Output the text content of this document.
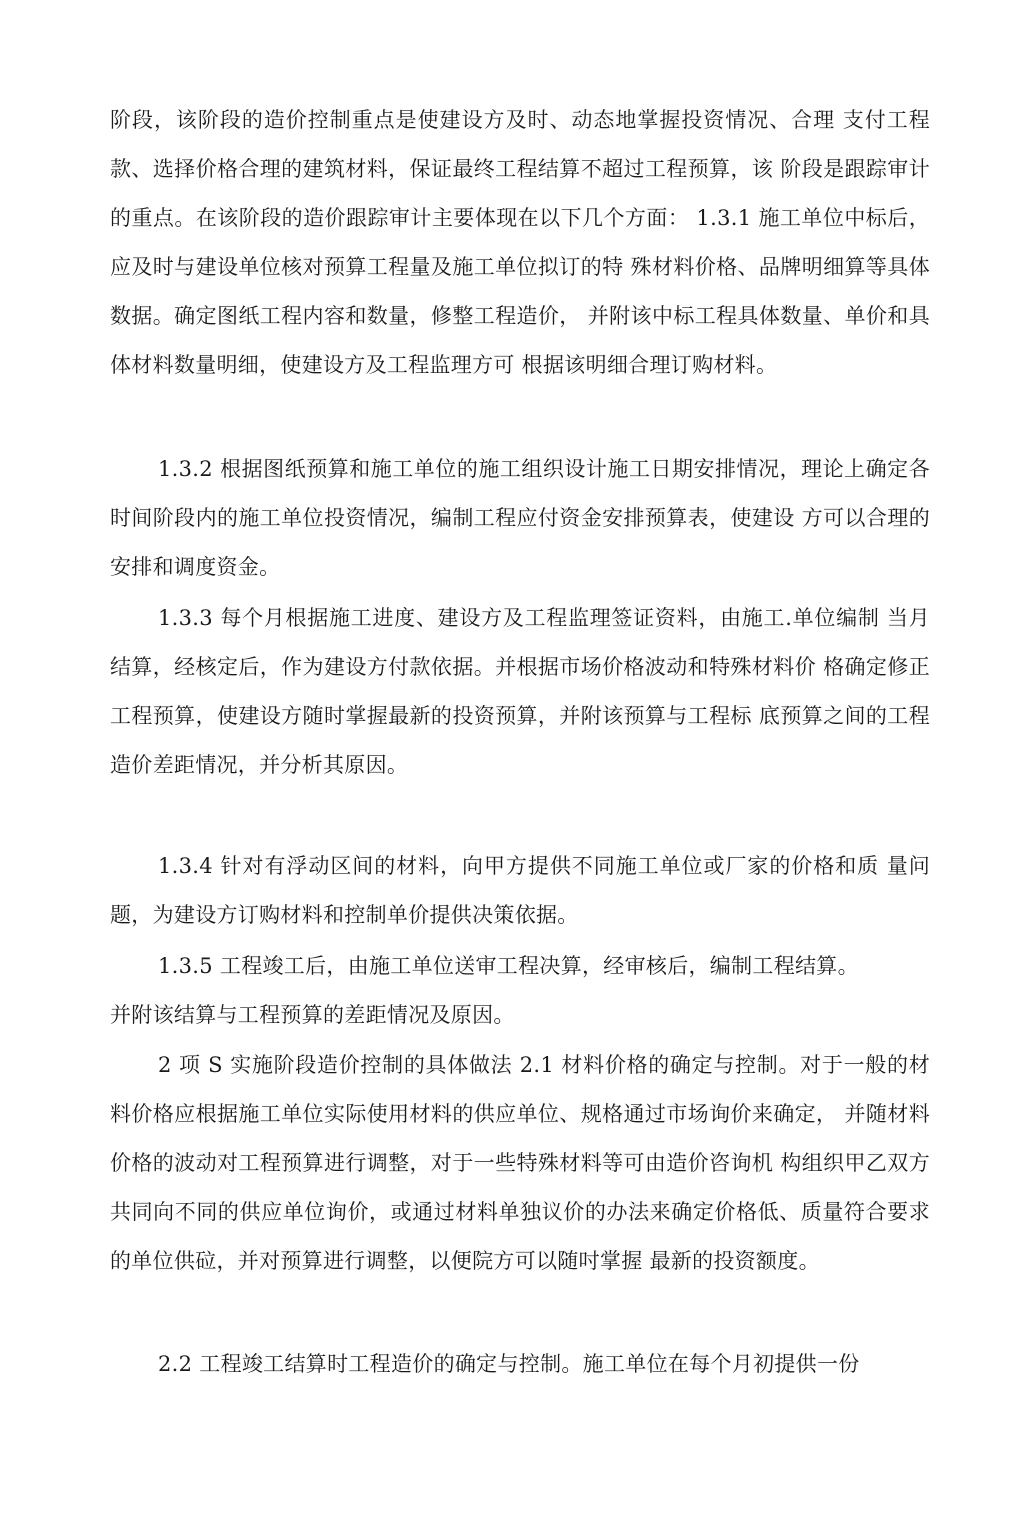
阶段，该阶段的造价控制重点是使建设方及时、动态地掌握投资情况、合理 支付工程款、选择价格合理的建筑材料，保证最终工程结算不超过工程预算，该 阶段是跟踪审计的重点。在该阶段的造价跟踪审计主要体现在以下几个方面： 1.3.1 施工单位中标后，应及时与建设单位核对预算工程量及施工单位拟订的特 殊材料价格、品牌明细算等具体数据。确定图纸工程内容和数量，修整工程造价， 并附该中标工程具体数量、单价和具体材料数量明细，使建设方及工程监理方可 根据该明细合理订购材料。

1.3.2 根据图纸预算和施工单位的施工组织设计施工日期安排情况，理论上确定各时间阶段内的施工单位投资情况，编制工程应付资金安排预算表，使建设 方可以合理的安排和调度资金。

1.3.3 每个月根据施工进度、建设方及工程监理签证资料，由施工.单位编制 当月结算，经核定后，作为建设方付款依据。并根据市场价格波动和特殊材料价 格确定修正工程预算，使建设方随时掌握最新的投资预算，并附该预算与工程标 底预算之间的工程造价差距情况，并分析其原因。

1.3.4 针对有浮动区间的材料，向甲方提供不同施工单位或厂家的价格和质 量问题，为建设方订购材料和控制单价提供决策依据。

1.3.5 工程竣工后，由施工单位送审工程决算，经审核后，编制工程结算。

并附该结算与工程预算的差距情况及原因。

2 项 S 实施阶段造价控制的具体做法 2.1 材料价格的确定与控制。对于一般的材料价格应根据施工单位实际使用材料的供应单位、规格通过市场询价来确定， 并随材料价格的波动对工程预算进行调整，对于一些特殊材料等可由造价咨询机 构组织甲乙双方共同向不同的供应单位询价，或通过材料单独议价的办法来确定价格低、质量符合要求的单位供砬，并对预算进行调整，以便院方可以随吋掌握 最新的投资额度。

2.2 工程竣工结算时工程造价的确定与控制。施工单位在每个月初提供一份
